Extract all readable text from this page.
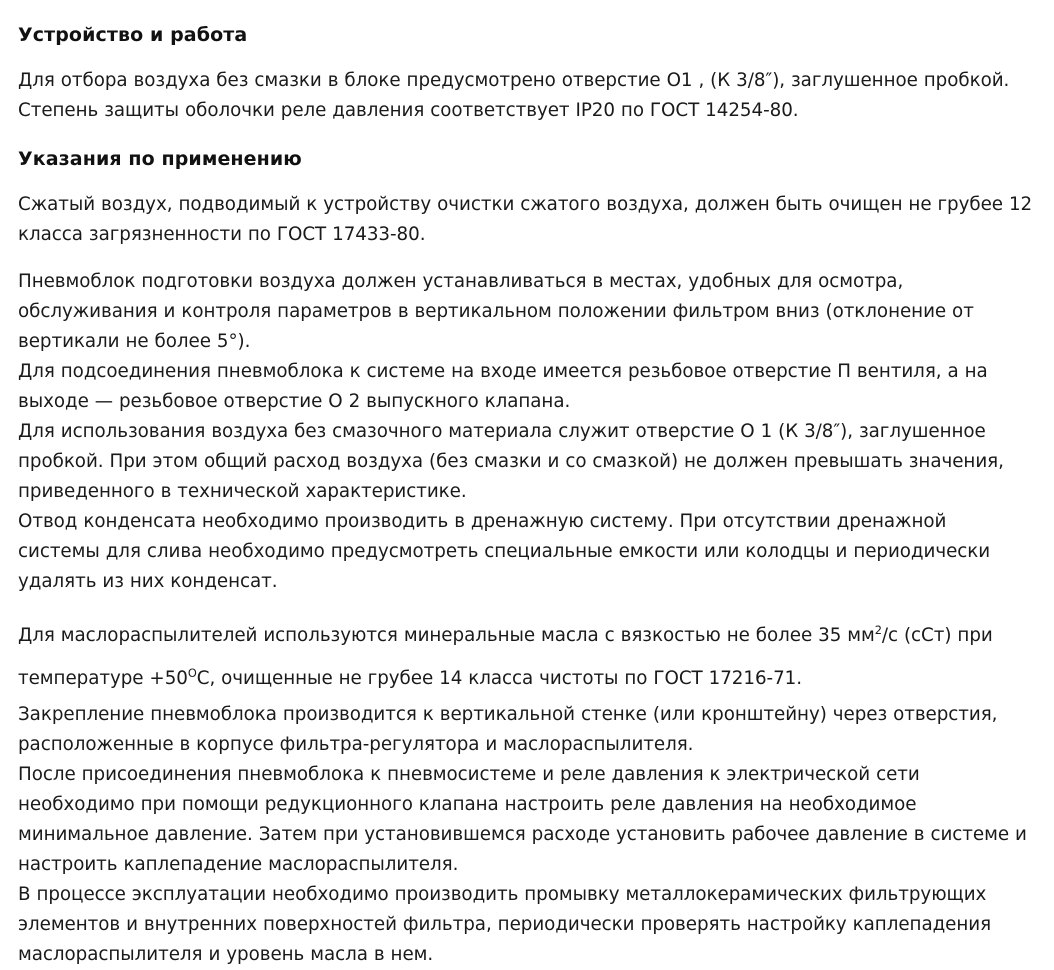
Устройство и работа

Для отбора воздуха без смазки в блоке предусмотрено отверстие О1 , (К 3/8″), заглушенное пробкой. Степень защиты оболочки реле давления соответствует IP20 по ГОСТ 14254-80.

Указания по применению

Сжатый воздух, подводимый к устройству очистки сжатого воздуха, должен быть очищен не грубее 12 класса загрязненности по ГОСТ 17433-80.

Пневмоблок подготовки воздуха должен устанавливаться в местах, удобных для осмотра, обслуживания и контроля параметров в вертикальном положении фильтром вниз (отклонение от вертикали не более 5°).

Для подсоединения пневмоблока к системе на входе имеется резьбовое отверстие П вентиля, а на выходе — резьбовое отверстие О 2 выпускного клапана.

Для использования воздуха без смазочного материала служит отверстие О 1 (К 3/8″), заглушенное пробкой. При этом общий расход воздуха (без смазки и со смазкой) не должен превышать значения, приведенного в технической характеристике.

Отвод конденсата необходимо производить в дренажную систему. При отсутствии дренажной системы для слива необходимо предусмотреть специальные емкости или колодцы и периодически удалять из них конденсат.

Для маслораспылителей используются минеральные масла с вязкостью не более 35 $мм^2/с$ (сСт) при температуре $+50^ОС$, очищенные не грубее 14 класса чистоты по ГОСТ 17216-71.

Закрепление пневмоблока производится к вертикальной стенке (или кронштейну) через отверстия, расположенные в корпусе фильтра-регулятора и маслораспылителя.

После присоединения пневмоблока к пневмосистеме и реле давления к электрической сети необходимо при помощи редукционного клапана настроить реле давления на необходимое минимальное давление. Затем при установившемся расходе установить рабочее давление в системе и настроить каплепадение маслораспылителя.

В процессе эксплуатации необходимо производить промывку металлокерамических фильтрующих элементов и внутренних поверхностей фильтра, периодически проверять настройку каплепадения маслораспылителя и уровень масла в нем.
